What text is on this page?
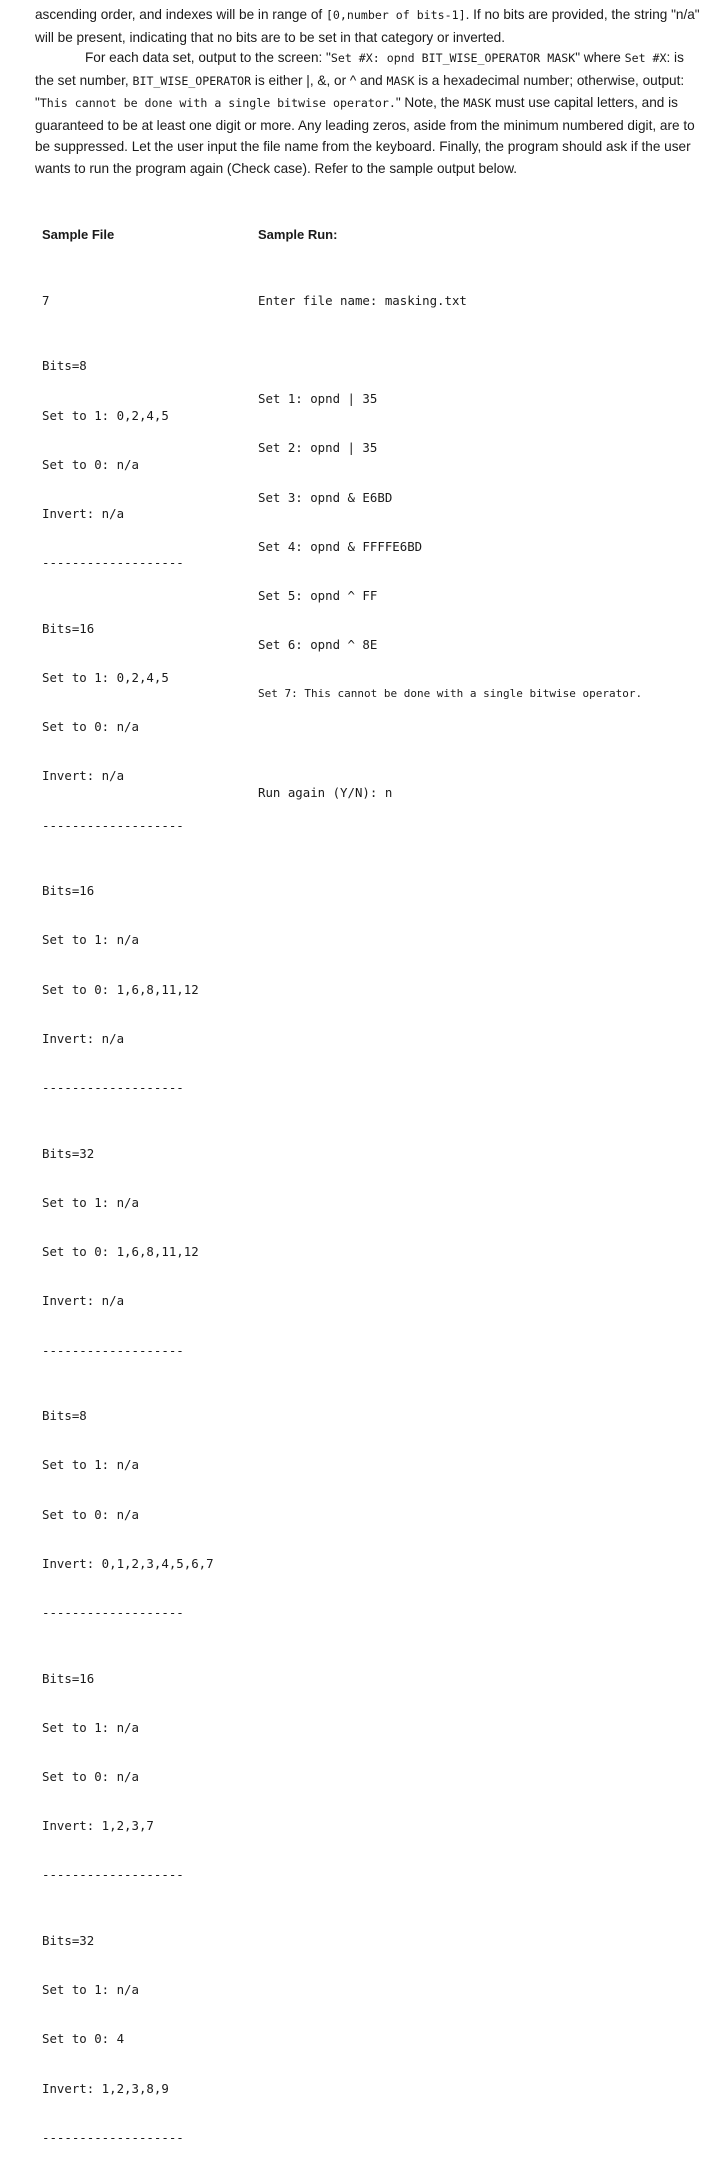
ascending order, and indexes will be in range of [0,number of bits-1]. If no bits are provided, the string "n/a" will be present, indicating that no bits are to be set in that category or inverted.
For each data set, output to the screen: "Set #X: opnd BIT_WISE_OPERATOR MASK" where Set #X: is the set number, BIT_WISE_OPERATOR is either |, &, or ^ and MASK is a hexadecimal number; otherwise, output: "This cannot be done with a single bitwise operator." Note, the MASK must use capital letters, and is guaranteed to be at least one digit or more. Any leading zeros, aside from the minimum numbered digit, are to be suppressed. Let the user input the file name from the keyboard. Finally, the program should ask if the user wants to run the program again (Check case). Refer to the sample output below.
Sample File	Sample Run:

7

Bits=8

Set to 1: 0,2,4,5

Set to 0: n/a

Invert: n/a

-------------------

Bits=16

Set to 1: 0,2,4,5

Set to 0: n/a

Invert: n/a

-------------------

Bits=16

Set to 1: n/a

Set to 0: 1,6,8,11,12

Invert: n/a

-------------------

Bits=32

Set to 1: n/a

Set to 0: 1,6,8,11,12

Invert: n/a

-------------------

Bits=8

Set to 1: n/a

Set to 0: n/a

Invert: 0,1,2,3,4,5,6,7

-------------------

Bits=16

Set to 1: n/a

Set to 0: n/a

Invert: 1,2,3,7

-------------------

Bits=32

Set to 1: n/a

Set to 0: 4

Invert: 1,2,3,8,9

-------------------

Enter file name: masking.txt

Set 1: opnd | 35

Set 2: opnd | 35

Set 3: opnd & E6BD

Set 4: opnd & FFFFE6BD

Set 5: opnd ^ FF

Set 6: opnd ^ 8E

Set 7: This cannot be done with a single bitwise operator.

Run again (Y/N): n
